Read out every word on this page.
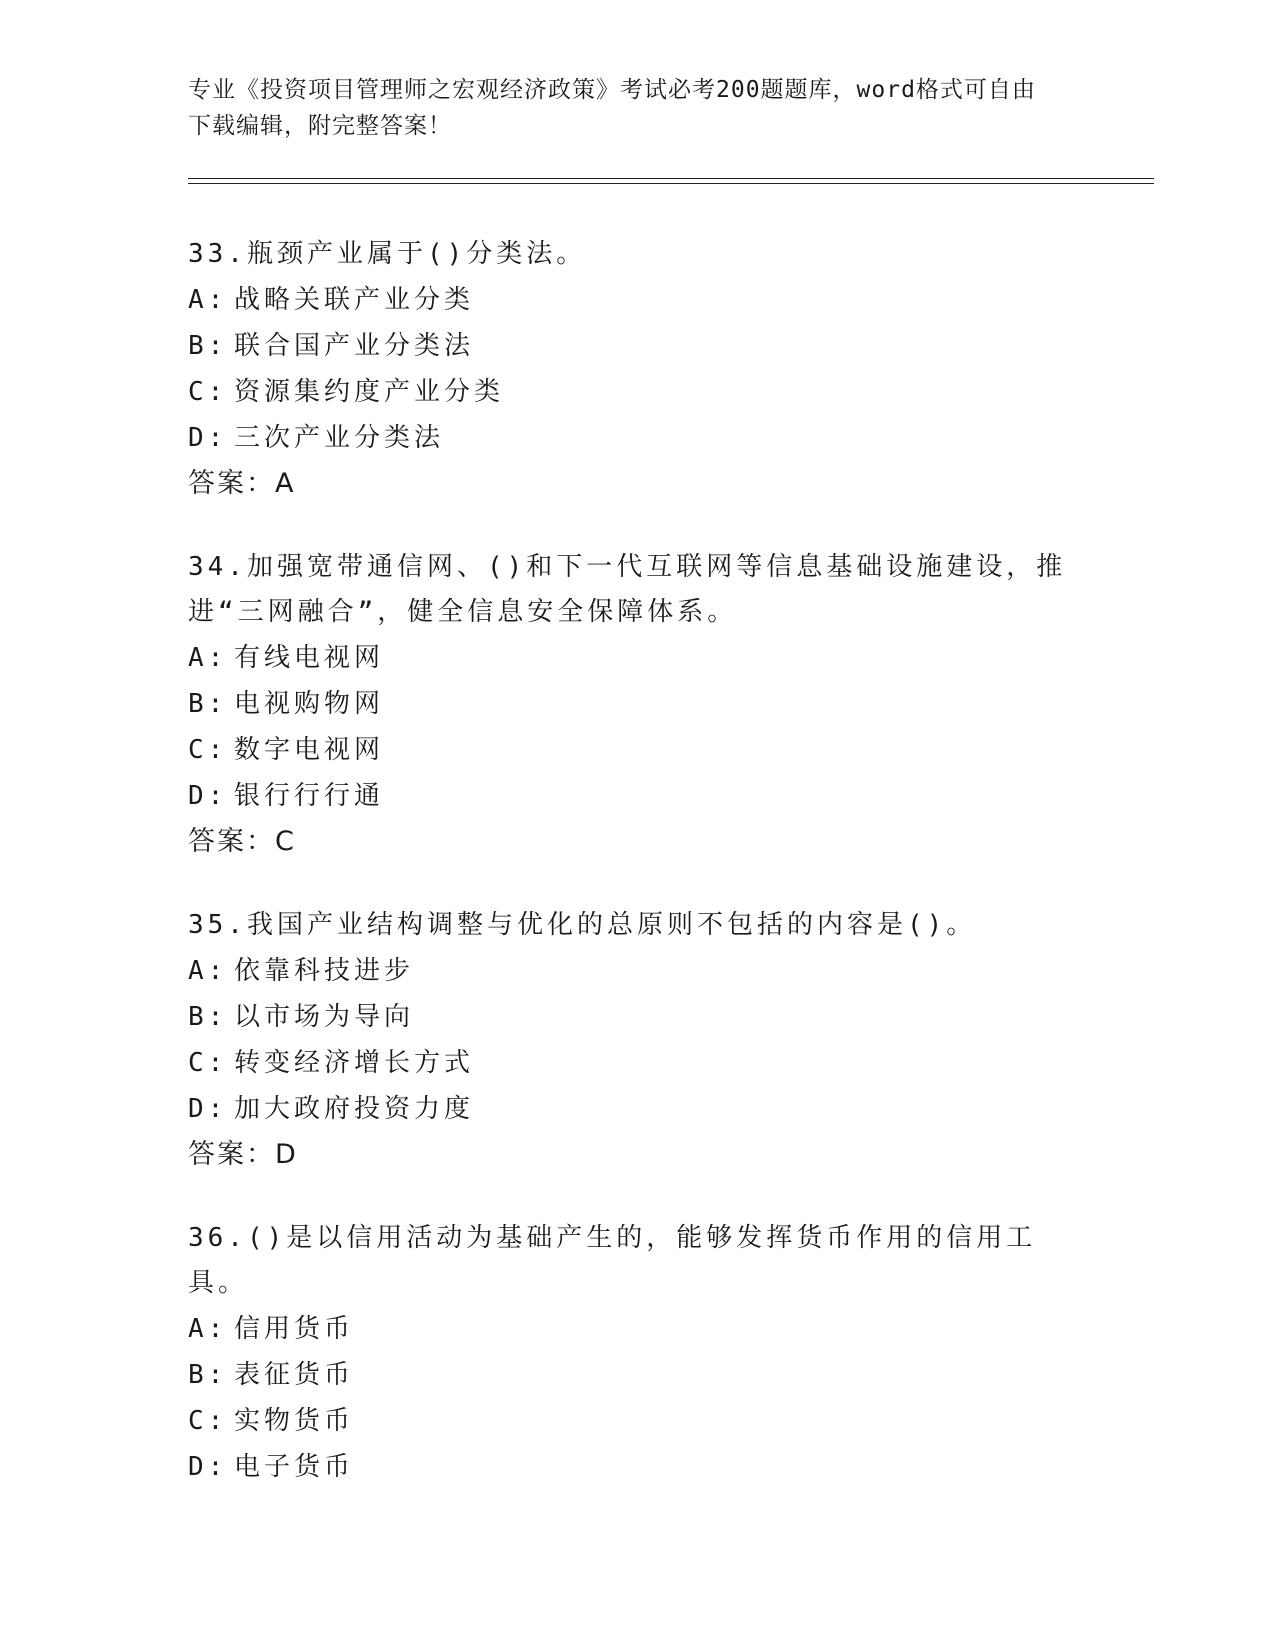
专业《投资项目管理师之宏观经济政策》考试必考200题题库，word格式可自由
下载编辑，附完整答案！
33.瓶颈产业属于()分类法。
A: 战略关联产业分类
B: 联合国产业分类法
C: 资源集约度产业分类
D: 三次产业分类法
答案：A
34.加强宽带通信网、()和下一代互联网等信息基础设施建设，推进“三网融合”，健全信息安全保障体系。
A: 有线电视网
B: 电视购物网
C: 数字电视网
D: 银行行行通
答案：C
35.我国产业结构调整与优化的总原则不包括的内容是()。
A: 依靠科技进步
B: 以市场为导向
C: 转变经济增长方式
D: 加大政府投资力度
答案：D
36.()是以信用活动为基础产生的，能够发挥货币作用的信用工具。
A: 信用货币
B: 表征货币
C: 实物货币
D: 电子货币
